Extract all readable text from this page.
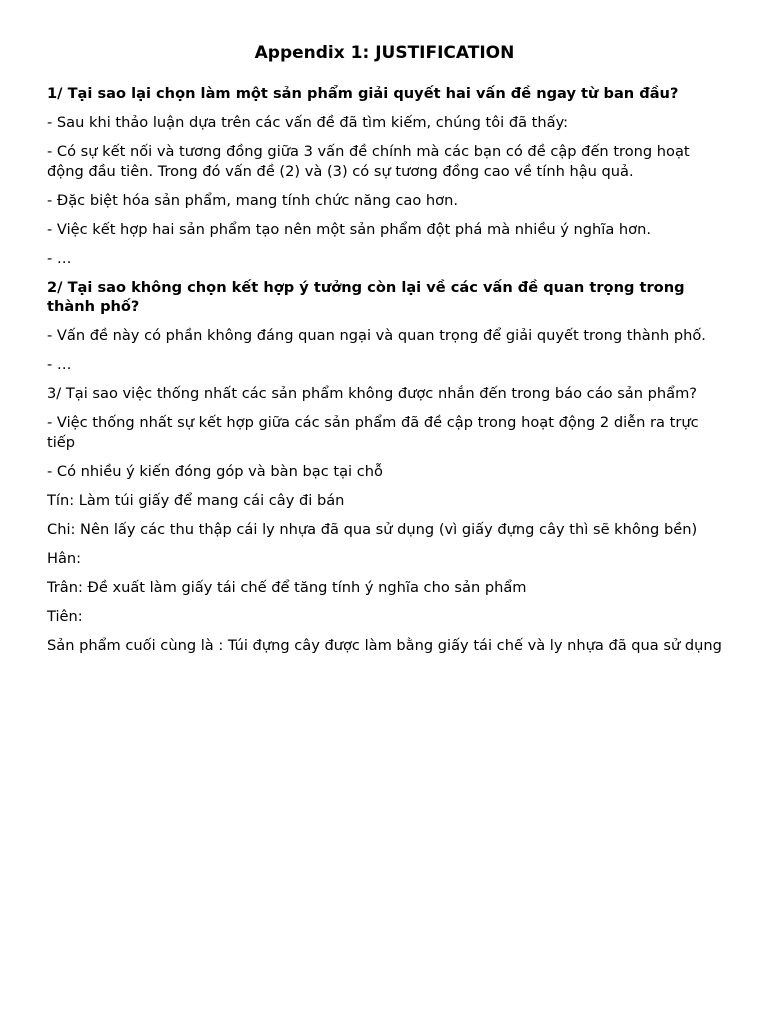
Appendix 1: JUSTIFICATION
1/ Tại sao lại chọn làm một sản phẩm giải quyết hai vấn đề ngay từ ban đầu?
- Sau khi thảo luận dựa trên các vấn đề đã tìm kiếm, chúng tôi đã thấy:
- Có sự kết nối và tương đồng giữa 3 vấn đề chính mà các bạn có đề cập đến trong hoạt động đầu tiên. Trong đó vấn đề (2) và (3) có sự tương đồng cao về tính hậu quả.
- Đặc biệt hóa sản phẩm, mang tính chức năng cao hơn.
- Việc kết hợp hai sản phẩm tạo nên một sản phẩm đột phá mà nhiều ý nghĩa hơn.
- …
2/ Tại sao không chọn kết hợp ý tưởng còn lại về các vấn đề quan trọng trong thành phố?
- Vấn đề này có phần không đáng quan ngại và quan trọng để giải quyết trong thành phố.
- …
3/ Tại sao việc thống nhất các sản phẩm không được nhắn đến trong báo cáo sản phẩm?
- Việc thống nhất sự kết hợp giữa các sản phẩm đã đề cập trong hoạt động 2 diễn ra trực tiếp
- Có nhiều ý kiến đóng góp và bàn bạc tại chỗ
Tín: Làm túi giấy để mang cái cây đi bán
Chi: Nên lấy các thu thập cái ly nhựa đã qua sử dụng (vì giấy đựng cây thì sẽ không bền)
Hân:
Trân: Đề xuất làm giấy tái chế để tăng tính ý nghĩa cho sản phẩm
Tiên:
Sản phẩm cuối cùng là : Túi đựng cây được làm bằng giấy tái chế và ly nhựa đã qua sử dụng
